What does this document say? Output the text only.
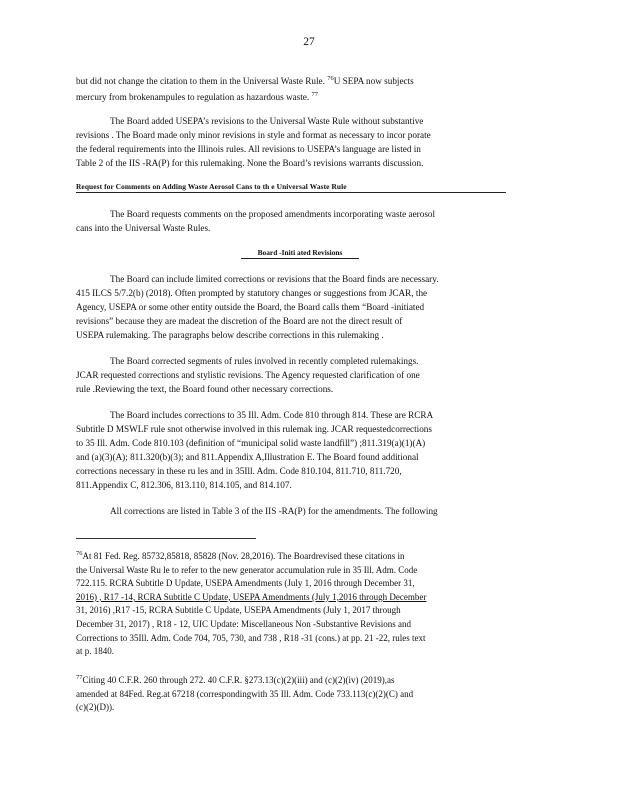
27
but did not change the citation to them in the Universal Waste Rule. $^{76}$U SEPA now subjects
mercury from brokenampules to regulation as hazardous waste. $^{77}$
The Board added USEPA’s revisions to the Universal Waste Rule without substantive
revisions . The Board made only minor revisions in style and format as necessary to incor porate
the federal requirements into the Illinois rules. All revisions to USEPA’s language are listed in
Table 2 of the IIS -RA(P) for this rulemaking. None the Board’s revisions warrants discussion.
Request for Comments on Adding Waste Aerosol Cans to th e Universal Waste Rule
The Board requests comments on the proposed amendments incorporating waste aerosol
cans into the Universal Waste Rules.
Board -Initi ated Revisions
The Board can include limited corrections or revisions that the Board finds are necessary.
415 ILCS 5/7.2(b) (2018). Often prompted by statutory changes or suggestions from JCAR, the
Agency, USEPA or some other entity outside the Board, the Board calls them “Board -initiated
revisions” because they are madeat the discretion of the Board are not the direct result of
USEPA rulemaking. The paragraphs below describe corrections in this rulemaking .
The Board corrected segments of rules involved in recently completed rulemakings.
JCAR requested corrections and stylistic revisions. The Agency requested clarification of one
rule .Reviewing the text, the Board found other necessary corrections.
The Board includes corrections to 35 Ill. Adm. Code 810 through 814. These are RCRA
Subtitle D MSWLF rule snot otherwise involved in this rulemak ing. JCAR requestedcorrections
to 35 Ill. Adm. Code 810.103 (definition of “municipal solid waste landfill”) ;811.319(a)(1)(A)
and (a)(3)(A); 811.320(b)(3); and 811.Appendix A,Illustration E. The Board found additional
corrections necessary in these ru les and in 35Ill. Adm. Code 810.104, 811.710, 811.720,
811.Appendix C, 812.306, 813.110, 814.105, and 814.107.
All corrections are listed in Table 3 of the IIS -RA(P) for the amendments. The following
$^{76}$At 81 Fed. Reg. 85732,85818, 85828 (Nov. 28,2016). The Boardrevised these citations in
the Universal Waste Ru le to refer to the new generator accumulation rule in 35 Ill. Adm. Code
722.115. RCRA Subtitle D Update, USEPA Amendments (July 1, 2016 through December 31,
2016) , R17 -14, RCRA Subtitle C Update, USEPA Amendments (July 1,2016 through December
31, 2016) ,R17 -15, RCRA Subtitle C Update, USEPA Amendments (July 1, 2017 through
December 31, 2017) , R18 - 12, UIC Update: Miscellaneous Non -Substantive Revisions and
Corrections to 35Ill. Adm. Code 704, 705, 730, and 738 , R18 -31 (cons.) at pp. 21 -22, rules text
at p. 1840.
$^{77}$Citing 40 C.F.R. 260 through 272. 40 C.F.R. §273.13(c)(2)(iii) and (c)(2)(iv) (2019),as
amended at 84Fed. Reg.at 67218 (correspondingwith 35 Ill. Adm. Code 733.113(c)(2)(C) and
(c)(2)(D)).
